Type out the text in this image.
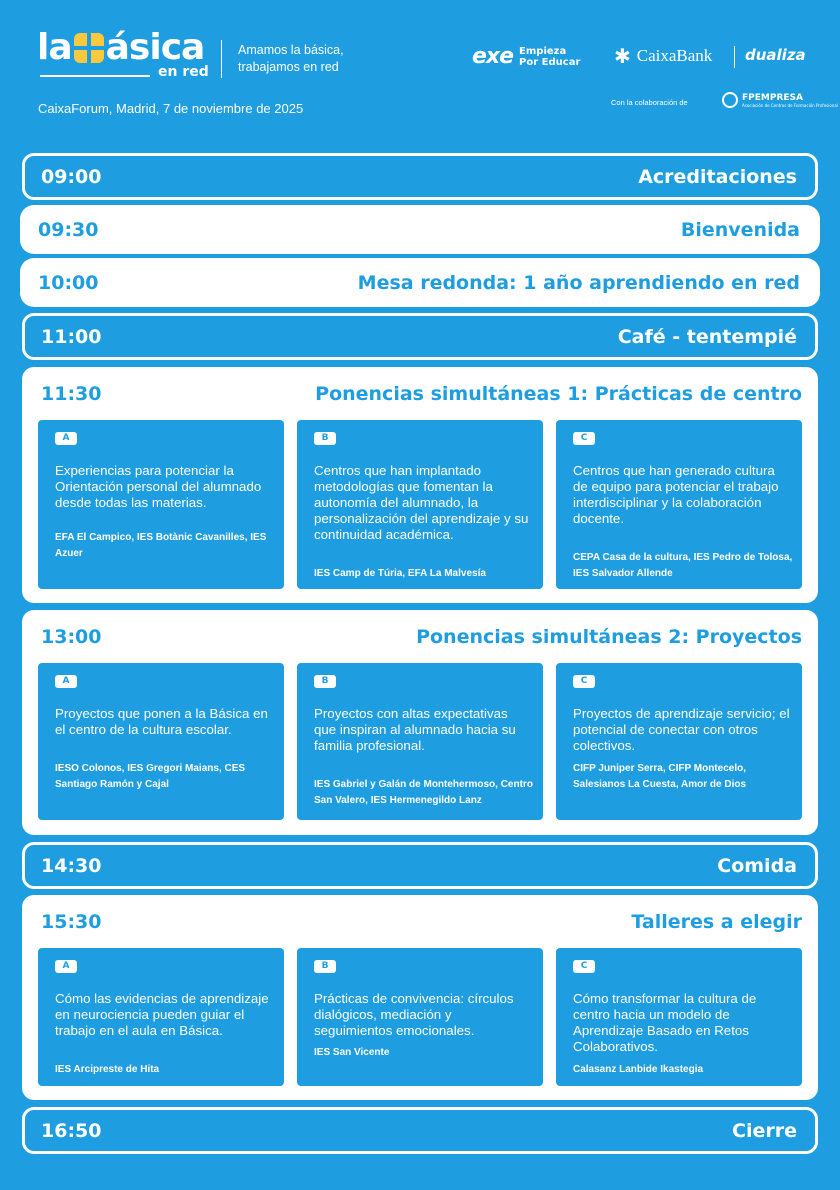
la ásica
en red
Amamos la básica,
trabajamos en red
CaixaForum, Madrid, 7 de noviembre de 2025
exe Empieza
Por Educar ✱ CaixaBank dualiza
Con la colaboración de	FPEMPRESA
Asociación de Centros de Formación Profesional
09:00	Acreditaciones
09:30	Bienvenida
10:00	Mesa redonda: 1 año aprendiendo en red
11:00	Café - tentempié
11:30	Ponencias simultáneas 1: Prácticas de centro
A
Experiencias para potenciar la Orientación personal del alumnado desde todas las materias.
EFA El Campico, IES Botànic Cavanilles, IES Azuer
B
Centros que han implantado metodologías que fomentan la autonomía del alumnado, la personalización del aprendizaje y su continuidad académica.
IES Camp de Túria, EFA La Malvesía
C
Centros que han generado cultura de equipo para potenciar el trabajo interdisciplinar y la colaboración docente.
CEPA Casa de la cultura, IES Pedro de Tolosa, IES Salvador Allende
13:00	Ponencias simultáneas 2: Proyectos
A
Proyectos que ponen a la Básica en el centro de la cultura escolar.
IESO Colonos, IES Gregori Maians, CES Santiago Ramón y Cajal
B
Proyectos con altas expectativas que inspiran al alumnado hacia su familia profesional.
IES Gabriel y Galán de Montehermoso, Centro San Valero, IES Hermenegildo Lanz
C
Proyectos de aprendizaje servicio; el potencial de conectar con otros colectivos.
CIFP Juniper Serra, CIFP Montecelo, Salesianos La Cuesta, Amor de Dios
14:30	Comida
15:30	Talleres a elegir
A
Cómo las evidencias de aprendizaje en neurociencia pueden guiar el trabajo en el aula en Básica.
IES Arcipreste de Hita
B
Prácticas de convivencia: círculos dialógicos, mediación y seguimientos emocionales.
IES San Vicente
C
Cómo transformar la cultura de centro hacia un modelo de Aprendizaje Basado en Retos Colaborativos.
Calasanz Lanbide Ikastegia
16:50	Cierre
